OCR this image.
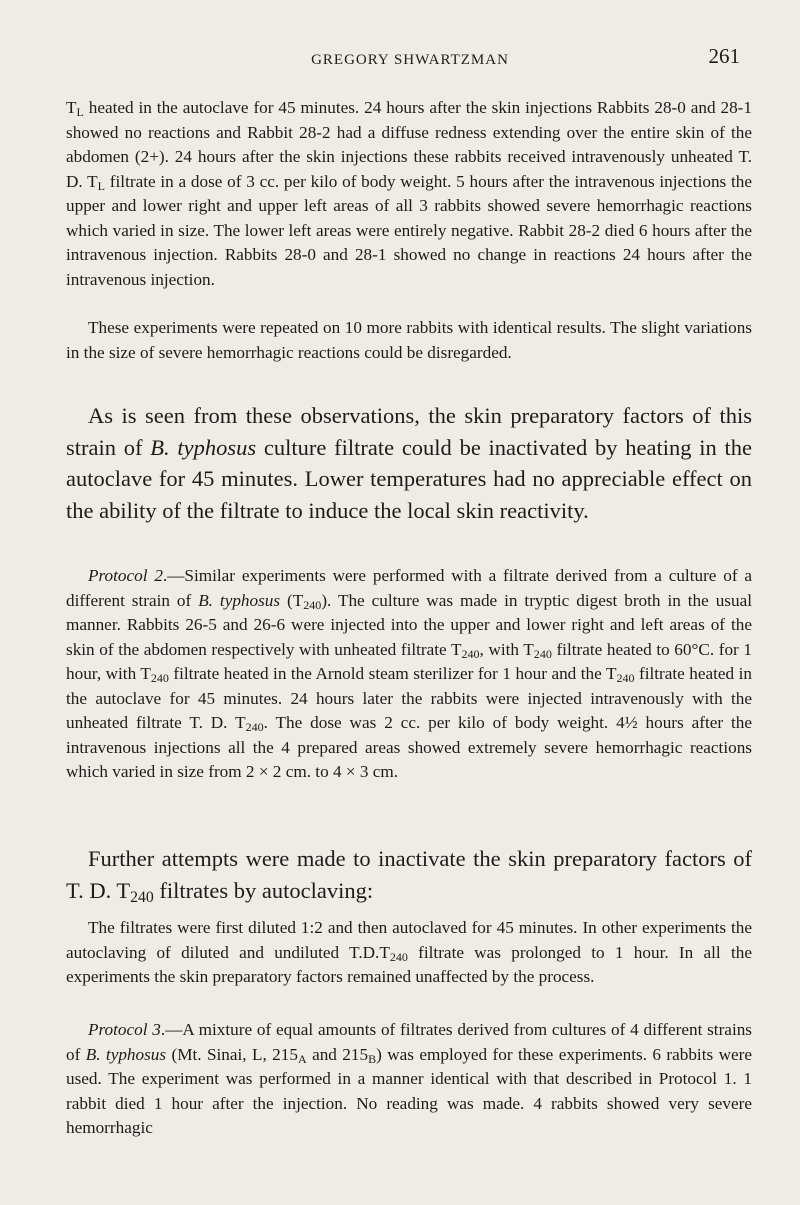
GREGORY SHWARTZMAN	261

$T_L$ heated in the autoclave for 45 minutes. 24 hours after the skin injections Rabbits 28-0 and 28-1 showed no reactions and Rabbit 28-2 had a diffuse redness extending over the entire skin of the abdomen (2+). 24 hours after the skin injections these rabbits received intravenously unheated T. D. $T_L$ filtrate in a dose of 3 cc. per kilo of body weight. 5 hours after the intravenous injections the upper and lower right and upper left areas of all 3 rabbits showed severe hemorrhagic reactions which varied in size. The lower left areas were entirely negative. Rabbit 28-2 died 6 hours after the intravenous injection. Rabbits 28-0 and 28-1 showed no change in reactions 24 hours after the intravenous injection.

These experiments were repeated on 10 more rabbits with identical results. The slight variations in the size of severe hemorrhagic reactions could be disregarded.

As is seen from these observations, the skin preparatory factors of this strain of B. typhosus culture filtrate could be inactivated by heating in the autoclave for 45 minutes. Lower temperatures had no appreciable effect on the ability of the filtrate to induce the local skin reactivity.

Protocol 2.—Similar experiments were performed with a filtrate derived from a culture of a different strain of B. typhosus $(T_{240})$. The culture was made in tryptic digest broth in the usual manner. Rabbits 26-5 and 26-6 were injected into the upper and lower right and left areas of the skin of the abdomen respectively with unheated filtrate $T_{240}$, with $T_{240}$ filtrate heated to 60°C. for 1 hour, with $T_{240}$ filtrate heated in the Arnold steam sterilizer for 1 hour and the $T_{240}$ filtrate heated in the autoclave for 45 minutes. 24 hours later the rabbits were injected intravenously with the unheated filtrate T. D. $T_{240}$. The dose was 2 cc. per kilo of body weight. 4½ hours after the intravenous injections all the 4 prepared areas showed extremely severe hemorrhagic reactions which varied in size from 2 × 2 cm. to 4 × 3 cm.

Further attempts were made to inactivate the skin preparatory factors of T. D. $T_{240}$ filtrates by autoclaving:

The filtrates were first diluted 1:2 and then autoclaved for 45 minutes. In other experiments the autoclaving of diluted and undiluted $T.D.T_{240}$ filtrate was prolonged to 1 hour. In all the experiments the skin preparatory factors remained unaffected by the process.

Protocol 3.—A mixture of equal amounts of filtrates derived from cultures of 4 different strains of B. typhosus (Mt. Sinai, L, $215_A$ and $215_B$) was employed for these experiments. 6 rabbits were used. The experiment was performed in a manner identical with that described in Protocol 1. 1 rabbit died 1 hour after the injection. No reading was made. 4 rabbits showed very severe hemorrhagic
